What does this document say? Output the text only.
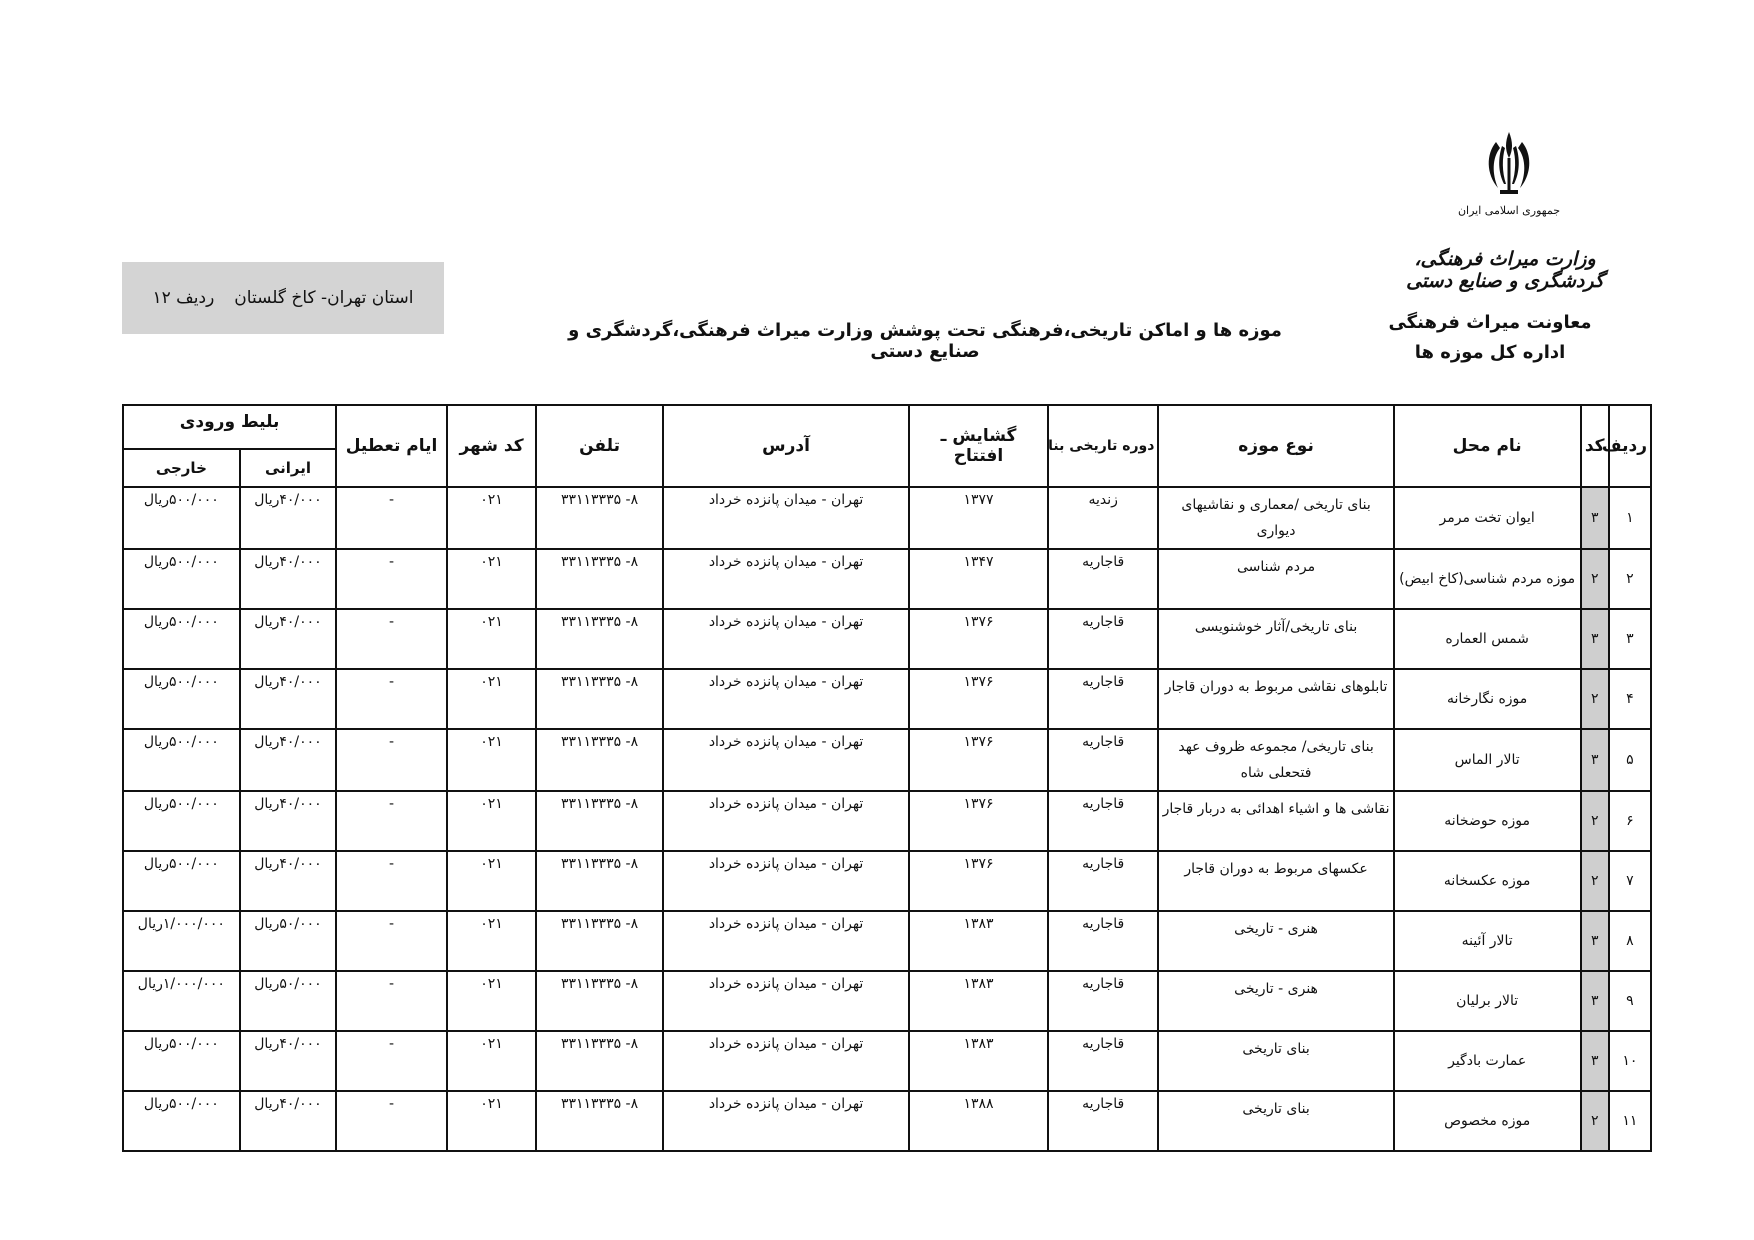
جمهوری اسلامی ایران
وزارت میراث فرهنگی، گردشگری و صنایع دستی
معاونت میراث فرهنگی
اداره کل موزه ها
موزه ها و اماکن تاریخی،فرهنگی تحت پوشش وزارت میراث فرهنگی،گردشگری و صنایع دستی
استان تهران- کاخ گلستان
ردیف ۱۲
ردیف	کد	نام محل	نوع موزه	دوره تاریخی بنا	گشایش ـ افتتاح	آدرس	تلفن	کد شهر	ایام تعطیل	بلیط ورودی	
										ایرانی	خارجی
۱	۳	ایوان تخت مرمر	بنای تاریخی /معماری و نقاشیهای دیواری	زندیه	۱۳۷۷	تهران - میدان پانزده خرداد	۸- ۳۳۱۱۳۳۳۵	۰۲۱	-	۴۰/۰۰۰ریال	۵۰۰/۰۰۰ریال
۲	۲	موزه مردم شناسی(کاخ ابیض)	مردم شناسی	قاجاریه	۱۳۴۷	تهران - میدان پانزده خرداد	۸- ۳۳۱۱۳۳۳۵	۰۲۱	-	۴۰/۰۰۰ریال	۵۰۰/۰۰۰ریال
۳	۳	شمس العماره	بنای تاریخی/آثار خوشنویسی	قاجاریه	۱۳۷۶	تهران - میدان پانزده خرداد	۸- ۳۳۱۱۳۳۳۵	۰۲۱	-	۴۰/۰۰۰ریال	۵۰۰/۰۰۰ریال
۴	۲	موزه نگارخانه	تابلوهای نقاشی مربوط به دوران قاجار	قاجاریه	۱۳۷۶	تهران - میدان پانزده خرداد	۸- ۳۳۱۱۳۳۳۵	۰۲۱	-	۴۰/۰۰۰ریال	۵۰۰/۰۰۰ریال
۵	۳	تالار الماس	بنای تاریخی/ مجموعه ظروف عهد فتحعلی شاه	قاجاریه	۱۳۷۶	تهران - میدان پانزده خرداد	۸- ۳۳۱۱۳۳۳۵	۰۲۱	-	۴۰/۰۰۰ریال	۵۰۰/۰۰۰ریال
۶	۲	موزه حوضخانه	نقاشی ها و اشیاء اهدائی به دربار قاجار	قاجاریه	۱۳۷۶	تهران - میدان پانزده خرداد	۸- ۳۳۱۱۳۳۳۵	۰۲۱	-	۴۰/۰۰۰ریال	۵۰۰/۰۰۰ریال
۷	۲	موزه عکسخانه	عکسهای مربوط به دوران قاجار	قاجاریه	۱۳۷۶	تهران - میدان پانزده خرداد	۸- ۳۳۱۱۳۳۳۵	۰۲۱	-	۴۰/۰۰۰ریال	۵۰۰/۰۰۰ریال
۸	۳	تالار آئینه	هنری - تاریخی	قاجاریه	۱۳۸۳	تهران - میدان پانزده خرداد	۸- ۳۳۱۱۳۳۳۵	۰۲۱	-	۵۰/۰۰۰ریال	۱/۰۰۰/۰۰۰ریال
۹	۳	تالار برلیان	هنری - تاریخی	قاجاریه	۱۳۸۳	تهران - میدان پانزده خرداد	۸- ۳۳۱۱۳۳۳۵	۰۲۱	-	۵۰/۰۰۰ریال	۱/۰۰۰/۰۰۰ریال
۱۰	۳	عمارت بادگیر	بنای تاریخی	قاجاریه	۱۳۸۳	تهران - میدان پانزده خرداد	۸- ۳۳۱۱۳۳۳۵	۰۲۱	-	۴۰/۰۰۰ریال	۵۰۰/۰۰۰ریال
۱۱	۲	موزه مخصوص	بنای تاریخی	قاجاریه	۱۳۸۸	تهران - میدان پانزده خرداد	۸- ۳۳۱۱۳۳۳۵	۰۲۱	-	۴۰/۰۰۰ریال	۵۰۰/۰۰۰ریال
